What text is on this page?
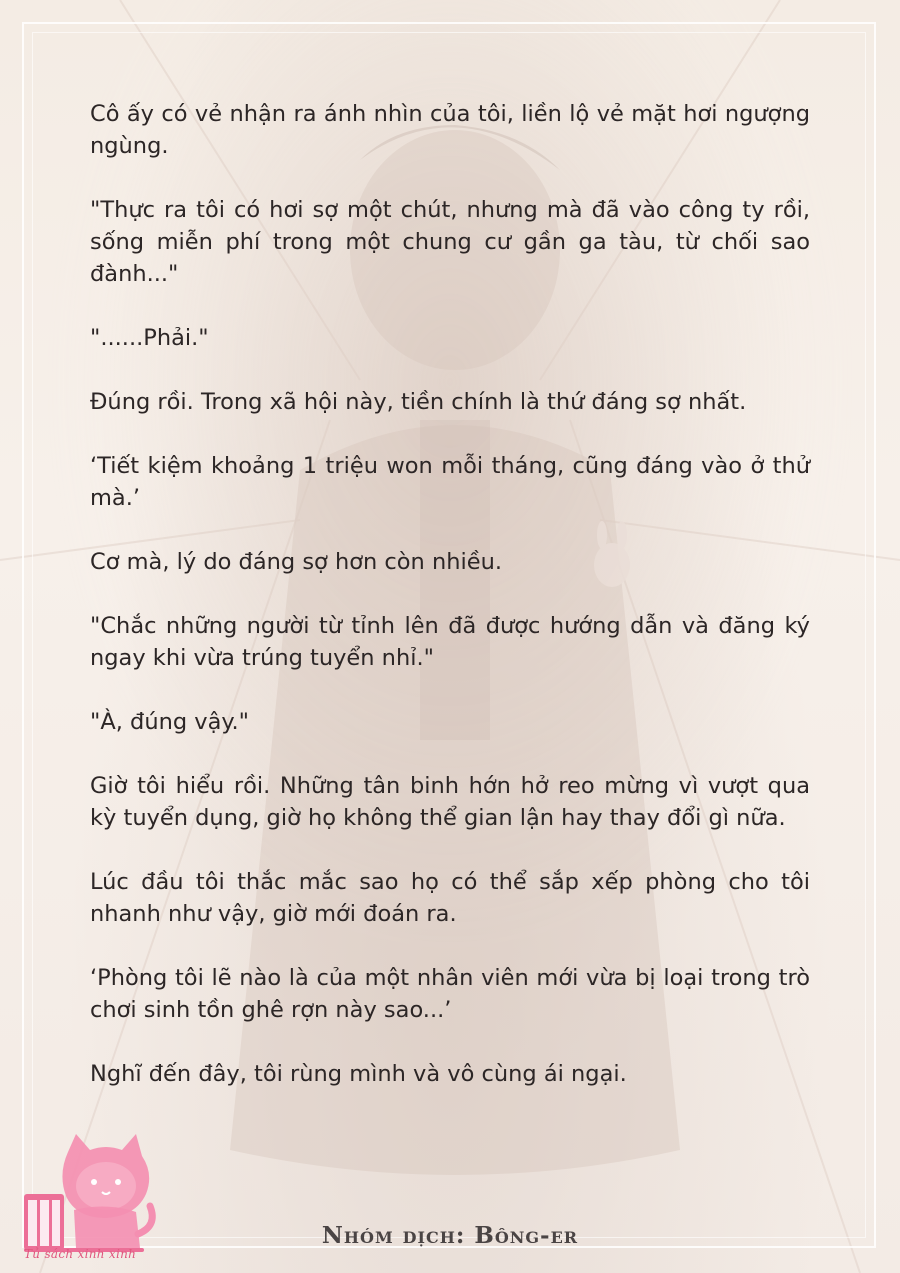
Cô ấy có vẻ nhận ra ánh nhìn của tôi, liền lộ vẻ mặt hơi ngượng ngùng.

"Thực ra tôi có hơi sợ một chút, nhưng mà đã vào công ty rồi, sống miễn phí trong một chung cư gần ga tàu, từ chối sao đành..."

"......Phải."

Đúng rồi. Trong xã hội này, tiền chính là thứ đáng sợ nhất.

‘Tiết kiệm khoảng 1 triệu won mỗi tháng, cũng đáng vào ở thử mà.’

Cơ mà, lý do đáng sợ hơn còn nhiều.

"Chắc những người từ tỉnh lên đã được hướng dẫn và đăng ký ngay khi vừa trúng tuyển nhỉ."

"À, đúng vậy."

Giờ tôi hiểu rồi. Những tân binh hớn hở reo mừng vì vượt qua kỳ tuyển dụng, giờ họ không thể gian lận hay thay đổi gì nữa.

Lúc đầu tôi thắc mắc sao họ có thể sắp xếp phòng cho tôi nhanh như vậy, giờ mới đoán ra.

‘Phòng tôi lẽ nào là của một nhân viên mới vừa bị loại trong trò chơi sinh tồn ghê rợn này sao...’

Nghĩ đến đây, tôi rùng mình và vô cùng ái ngại.

Tủ sách xinh xinh
Nhóm dịch: Bông-er
